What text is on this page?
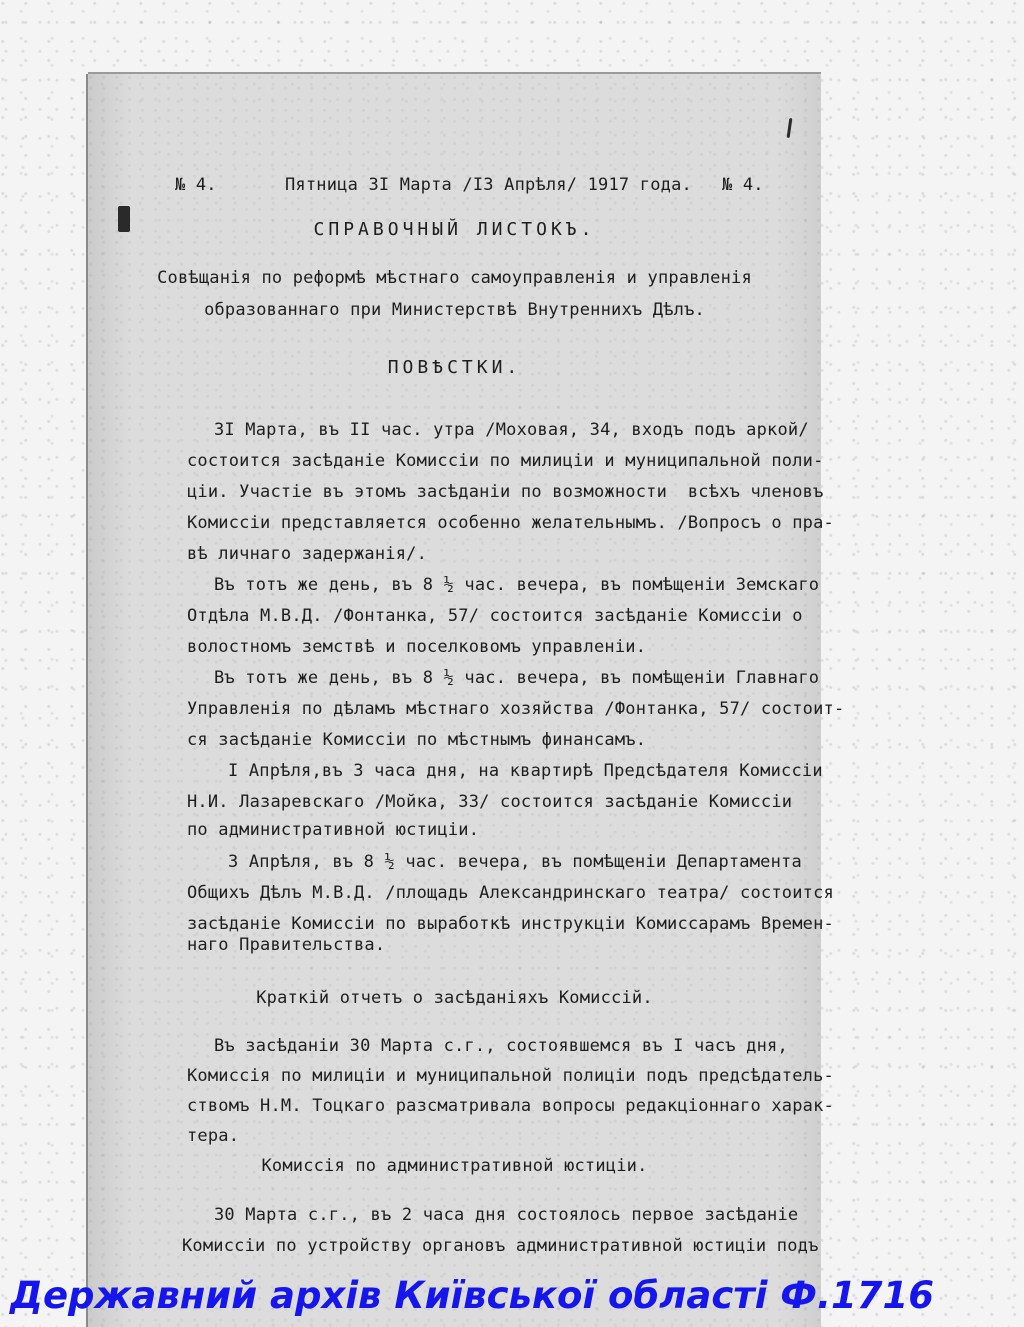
№ 4.	Пятница 3I Марта /I3 Апрѣля/ 1917 года. № 4.
СПРАВОЧНЫЙ ЛИСТОКЪ.
Совѣщанія по реформѣ мѣстнаго самоуправленія и управленія
образованнаго при Министерствѣ Внутреннихъ Дѣлъ.
ПОВѢСТКИ.
3I Марта, въ II час. утра /Моховая, 34, входъ подъ аркой/
состоится засѣданіе Комиссіи по милиціи и муниципальной поли-
ціи. Участіе въ этомъ засѣданіи по возможности  всѣхъ членовъ
Комиссіи представляется особенно желательнымъ. /Вопросъ о пра-
вѣ личнаго задержанія/.
Въ тотъ же день, въ 8 ½ час. вечера, въ помѣщеніи Земскаго
Отдѣла М.В.Д. /Фонтанка, 57/ состоится засѣданіе Комиссіи о
волостномъ земствѣ и поселковомъ управленіи.
Въ тотъ же день, въ 8 ½ час. вечера, въ помѣщеніи Главнаго
Управленія по дѣламъ мѣстнаго хозяйства /Фонтанка, 57/ состоит-
ся засѣданіе Комиссіи по мѣстнымъ финансамъ.
I Апрѣля,въ 3 часа дня, на квартирѣ Предсѣдателя Комиссіи
Н.И. Лазаревскаго /Мойка, 33/ состоится засѣданіе Комиссіи
по административной юстиціи.
3 Апрѣля, въ 8 ½ час. вечера, въ помѣщеніи Департамента
Общихъ Дѣлъ М.В.Д. /площадь Александринскаго театра/ состоится
засѣданіе Комиссіи по выработкѣ инструкціи Комиссарамъ Времен-
наго Правительства.
Краткій отчетъ о засѣданіяхъ Комиссій.
Въ засѣданіи 30 Марта с.г., состоявшемся въ I часъ дня,
Комиссія по милиціи и муниципальной полиціи подъ предсѣдатель-
ствомъ Н.М. Тоцкаго разсматривала вопросы редакціоннаго харак-
тера.
Комиссія по административной юстиціи.
30 Марта с.г., въ 2 часа дня состоялось первое засѣданіе
Комиссіи по устройству органовъ административной юстиціи подъ
Державний архів Київської області Ф.1716
